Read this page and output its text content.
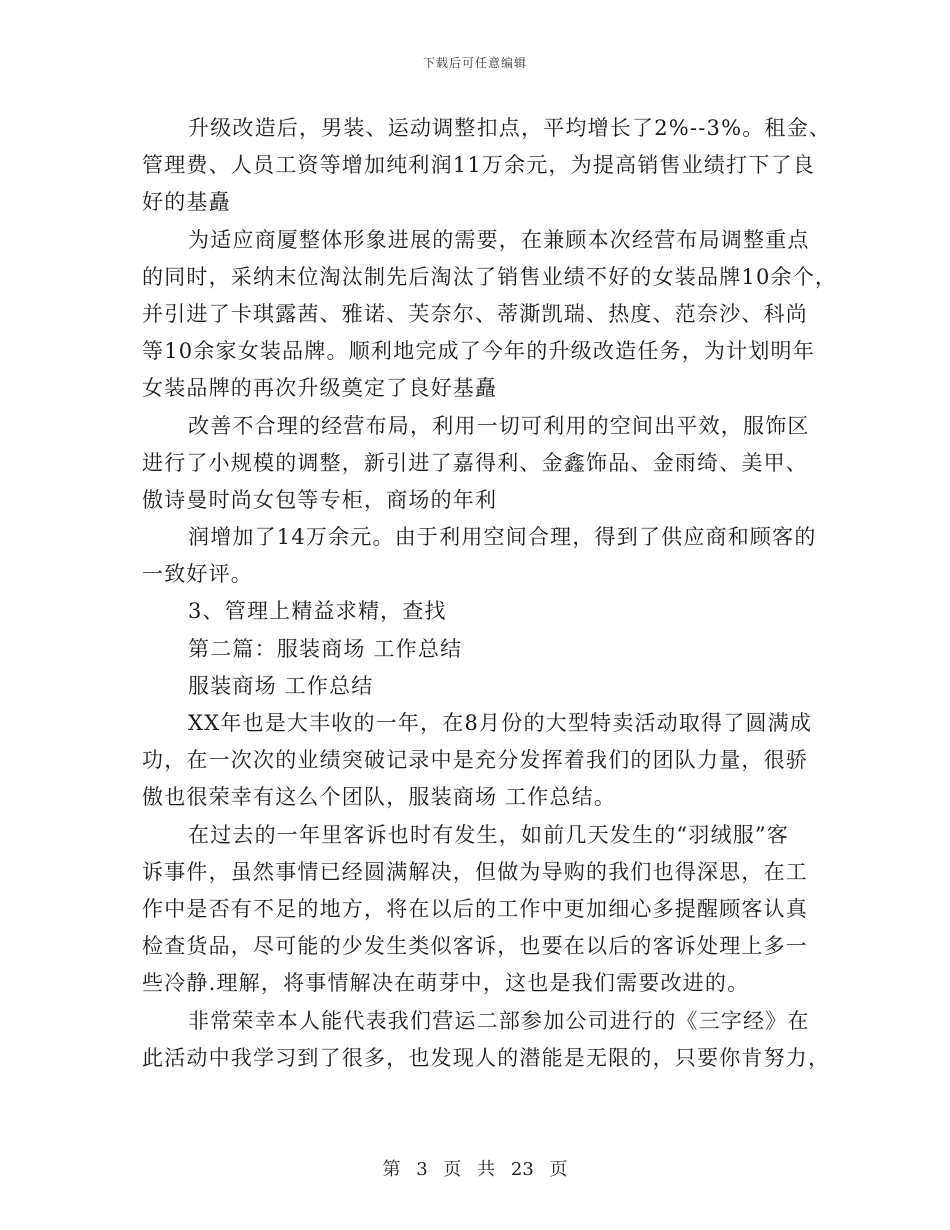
下载后可任意编辑
升级改造后，男装、运动调整扣点，平均增长了2%--3%。租金、
管理费、人员工资等增加纯利润11万余元，为提高销售业绩打下了良
好的基矗
为适应商厦整体形象进展的需要，在兼顾本次经营布局调整重点
的同时，采纳末位淘汰制先后淘汰了销售业绩不好的女装品牌10余个，
并引进了卡琪露茜、雅诺、芙奈尔、蒂澌凯瑞、热度、范奈沙、科尚
等10余家女装品牌。顺利地完成了今年的升级改造任务，为计划明年
女装品牌的再次升级奠定了良好基矗
改善不合理的经营布局，利用一切可利用的空间出平效，服饰区
进行了小规模的调整，新引进了嘉得利、金鑫饰品、金雨绮、美甲、
傲诗曼时尚女包等专柜，商场的年利
润增加了14万余元。由于利用空间合理，得到了供应商和顾客的
一致好评。
3、管理上精益求精，查找
第二篇：服装商场 工作总结
服装商场 工作总结
XX年也是大丰收的一年，在8月份的大型特卖活动取得了圆满成
功，在一次次的业绩突破记录中是充分发挥着我们的团队力量，很骄
傲也很荣幸有这么个团队，服装商场 工作总结。
在过去的一年里客诉也时有发生，如前几天发生的“羽绒服”客
诉事件，虽然事情已经圆满解决，但做为导购的我们也得深思，在工
作中是否有不足的地方，将在以后的工作中更加细心多提醒顾客认真
检查货品，尽可能的少发生类似客诉，也要在以后的客诉处理上多一
些冷静.理解，将事情解决在萌芽中，这也是我们需要改进的。
非常荣幸本人能代表我们营运二部参加公司进行的《三字经》在
此活动中我学习到了很多，也发现人的潜能是无限的，只要你肯努力，
第 3 页 共 23 页
